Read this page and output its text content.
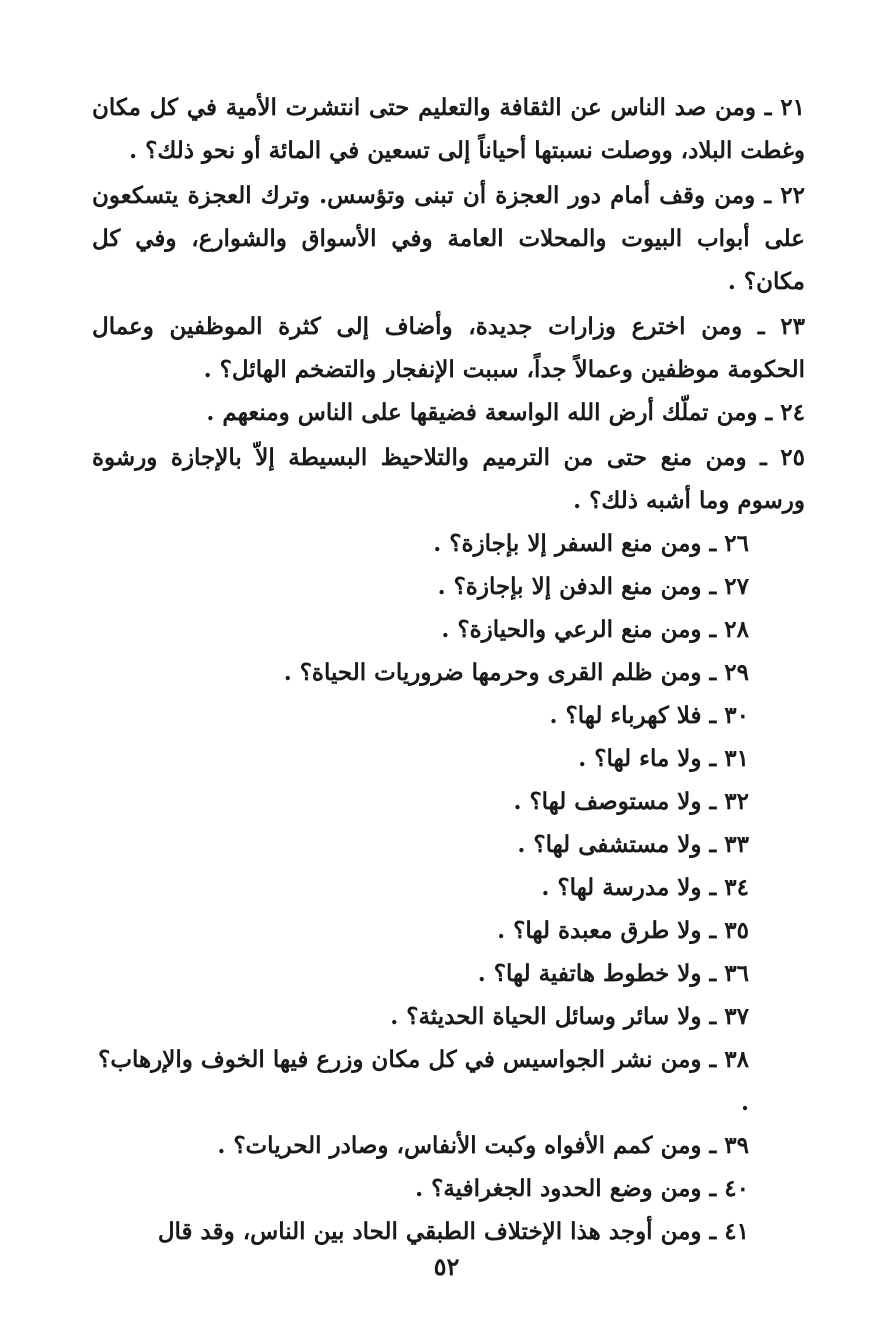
٢١ ـ ومن صد الناس عن الثقافة والتعليم حتى انتشرت الأمية في كل مكان وغطت البلاد، ووصلت نسبتها أحياناً إلى تسعين في المائة أو نحو ذلك؟ .

٢٢ ـ ومن وقف أمام دور العجزة أن تبنى وتؤسس. وترك العجزة يتسكعون على أبواب البيوت والمحلات العامة وفي الأسواق والشوارع، وفي كل مكان؟ .

٢٣ ـ ومن اخترع وزارات جديدة، وأضاف إلى كثرة الموظفين وعمال الحكومة موظفين وعمالاً جداً، سببت الإنفجار والتضخم الهائل؟ .

٢٤ ـ ومن تملّك أرض الله الواسعة فضيقها على الناس ومنعهم .

٢٥ ـ ومن منع حتى من الترميم والتلاحيظ البسيطة إلاّ بالإجازة ورشوة ورسوم وما أشبه ذلك؟ .

٢٦ ـ ومن منع السفر إلا بإجازة؟ .

٢٧ ـ ومن منع الدفن إلا بإجازة؟ .

٢٨ ـ ومن منع الرعي والحيازة؟ .

٢٩ ـ ومن ظلم القرى وحرمها ضروريات الحياة؟ .

٣٠ ـ فلا كهرباء لها؟ .

٣١ ـ ولا ماء لها؟ .

٣٢ ـ ولا مستوصف لها؟ .

٣٣ ـ ولا مستشفى لها؟ .

٣٤ ـ ولا مدرسة لها؟ .

٣٥ ـ ولا طرق معبدة لها؟ .

٣٦ ـ ولا خطوط هاتفية لها؟ .

٣٧ ـ ولا سائر وسائل الحياة الحديثة؟ .

٣٨ ـ ومن نشر الجواسيس في كل مكان وزرع فيها الخوف والإرهاب؟ .

٣٩ ـ ومن كمم الأفواه وكبت الأنفاس، وصادر الحريات؟ .

٤٠ ـ ومن وضع الحدود الجغرافية؟ .

٤١ ـ ومن أوجد هذا الإختلاف الطبقي الحاد بين الناس، وقد قال

٥٢
